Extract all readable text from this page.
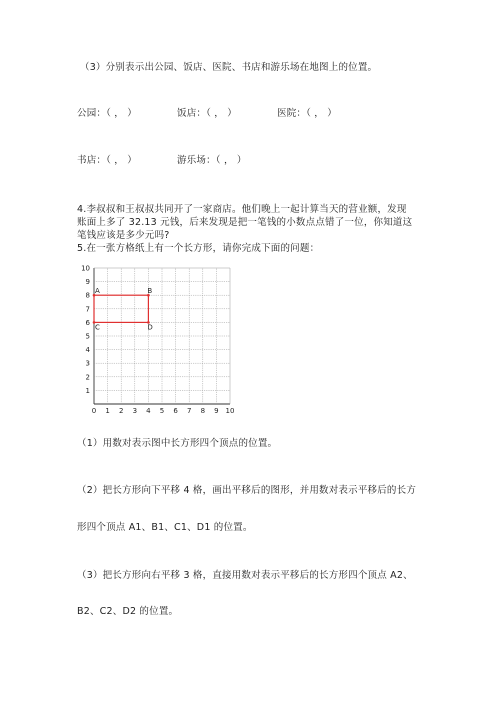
（3）分别表示出公园、饭店、医院、书店和游乐场在地图上的位置。
公园：（ ， ）	饭店：（ ， ）	医院：（ ， ）
书店：（ ， ）	游乐场：（ ， ）
4.李叔叔和王叔叔共同开了一家商店。他们晚上一起计算当天的营业额，发现
账面上多了 32.13 元钱，后来发现是把一笔钱的小数点点错了一位，你知道这
笔钱应该是多少元吗?
5.在一张方格纸上有一个长方形，请你完成下面的问题：
A	B
C	D
0 1 2 3 4 5 6 7 8 9 10
1
2
3
4
5
6
7
8
9
10
（1）用数对表示图中长方形四个顶点的位置。
（2）把长方形向下平移 4 格，画出平移后的图形，并用数对表示平移后的长方
形四个顶点 A1、B1、C1、D1 的位置。
（3）把长方形向右平移 3 格，直接用数对表示平移后的长方形四个顶点 A2、
B2、C2、D2 的位置。
